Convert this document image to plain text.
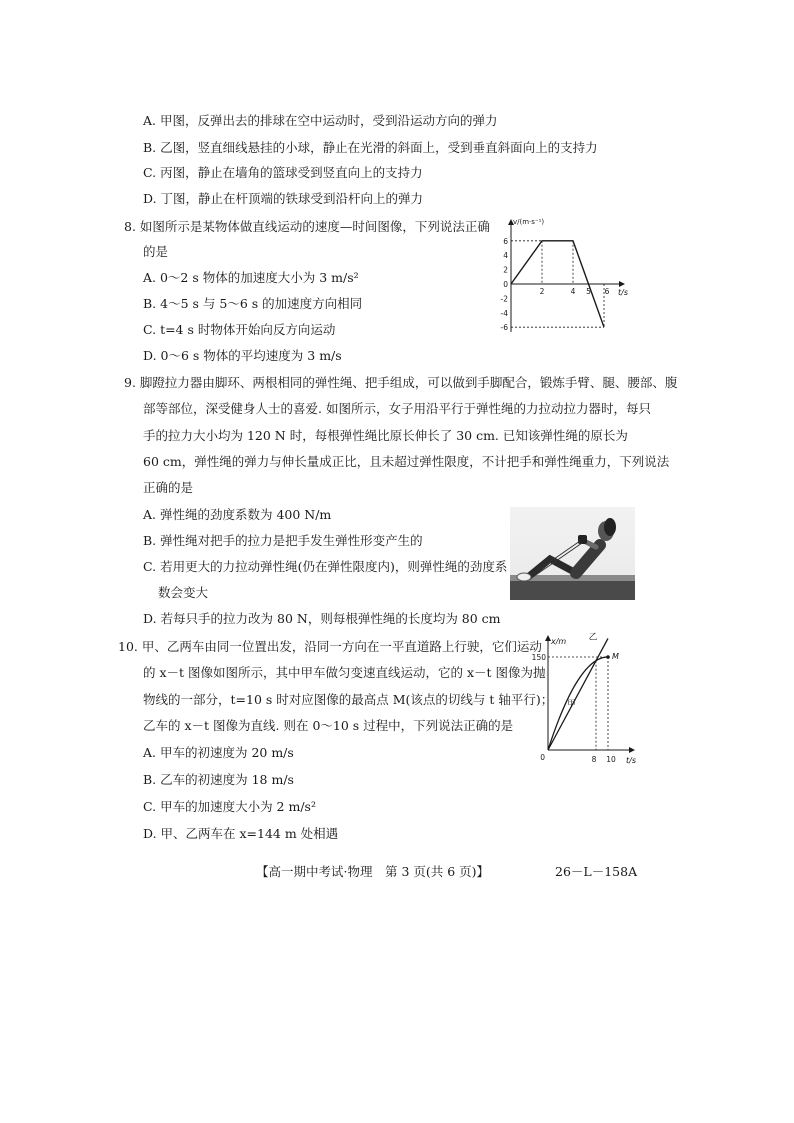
A. 甲图，反弹出去的排球在空中运动时，受到沿运动方向的弹力
B. 乙图，竖直细线悬挂的小球，静止在光滑的斜面上，受到垂直斜面向上的支持力
C. 丙图，静止在墙角的篮球受到竖直向上的支持力
D. 丁图，静止在杆顶端的铁球受到沿杆向上的弹力
8. 如图所示是某物体做直线运动的速度—时间图像，下列说法正确
的是
A. 0～2 s 物体的加速度大小为 3 m/s²
B. 4～5 s 与 5～6 s 的加速度方向相同
C. t=4 s 时物体开始向反方向运动
D. 0～6 s 物体的平均速度为 3 m/s
v/(m·s⁻¹)
t/s
6
4
2
0
-2
-4
-6
2	4 5 6
9. 脚蹬拉力器由脚环、两根相同的弹性绳、把手组成，可以做到手脚配合，锻炼手臂、腿、腰部、腹
部等部位，深受健身人士的喜爱. 如图所示，女子用沿平行于弹性绳的力拉动拉力器时，每只
手的拉力大小均为 120 N 时，每根弹性绳比原长伸长了 30 cm. 已知该弹性绳的原长为
60 cm，弹性绳的弹力与伸长量成正比，且未超过弹性限度，不计把手和弹性绳重力，下列说法
正确的是
A. 弹性绳的劲度系数为 400 N/m
B. 弹性绳对把手的拉力是把手发生弹性形变产生的
C. 若用更大的力拉动弹性绳(仍在弹性限度内)，则弹性绳的劲度系
数会变大
D. 若每只手的拉力改为 80 N，则每根弹性绳的长度均为 80 cm
10. 甲、乙两车由同一位置出发，沿同一方向在一平直道路上行驶，它们运动
的 x－t 图像如图所示，其中甲车做匀变速直线运动，它的 x－t 图像为抛
物线的一部分，t=10 s 时对应图像的最高点 M(该点的切线与 t 轴平行)；
乙车的 x－t 图像为直线. 则在 0～10 s 过程中，下列说法正确的是
A. 甲车的初速度为 20 m/s
B. 乙车的初速度为 18 m/s
C. 甲车的加速度大小为 2 m/s²
D. 甲、乙两车在 x=144 m 处相遇
x/m
t/s
甲
乙
M
150
0	8 10
【高一期中考试·物理　第 3 页(共 6 页)】	26－L－158A
